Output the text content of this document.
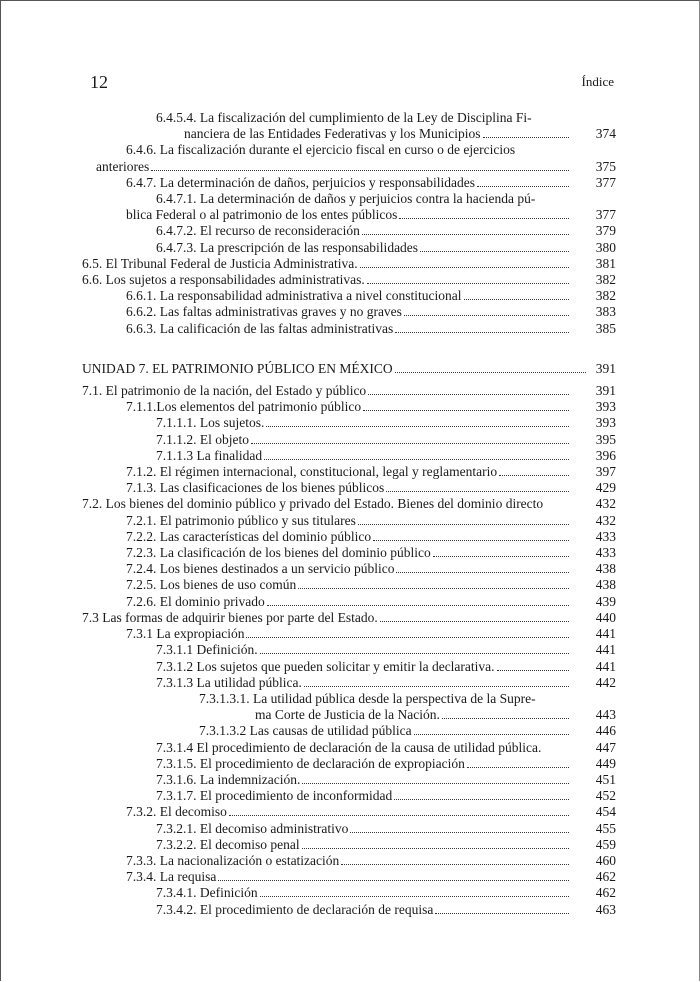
12	Índice
6.4.5.4. La fiscalización del cumplimiento de la Ley de Disciplina Fi-
nanciera de las Entidades Federativas y los Municipios	374
6.4.6. La fiscalización durante el ejercicio fiscal en curso o de ejercicios
anteriores	375
6.4.7. La determinación de daños, perjuicios y responsabilidades	377
6.4.7.1. La determinación de daños y perjuicios contra la hacienda pú-
blica Federal o al patrimonio de los entes públicos	377
6.4.7.2. El recurso de reconsideración	379
6.4.7.3. La prescripción de las responsabilidades	380
6.5. El Tribunal Federal de Justicia Administrativa.	381
6.6. Los sujetos a responsabilidades administrativas.	382
6.6.1. La responsabilidad administrativa a nivel constitucional	382
6.6.2. Las faltas administrativas graves y no graves	383
6.6.3. La calificación de las faltas administrativas	385
UNIDAD 7. EL PATRIMONIO PÚBLICO EN MÉXICO	391
7.1. El patrimonio de la nación, del Estado y público	391
7.1.1.Los elementos del patrimonio público	393
7.1.1.1. Los sujetos.	393
7.1.1.2. El objeto	395
7.1.1.3 La finalidad	396
7.1.2. El régimen internacional, constitucional, legal y reglamentario	397
7.1.3. Las clasificaciones de los bienes públicos	429
7.2. Los bienes del dominio público y privado del Estado. Bienes del dominio directo	432
7.2.1. El patrimonio público y sus titulares	432
7.2.2. Las características del dominio público	433
7.2.3. La clasificación de los bienes del dominio público	433
7.2.4. Los bienes destinados a un servicio público	438
7.2.5. Los bienes de uso común	438
7.2.6. El dominio privado	439
7.3 Las formas de adquirir bienes por parte del Estado.	440
7.3.1 La expropiación	441
7.3.1.1 Definición.	441
7.3.1.2 Los sujetos que pueden solicitar y emitir la declarativa.	441
7.3.1.3 La utilidad pública.	442
7.3.1.3.1. La utilidad pública desde la perspectiva de la Supre-
ma Corte de Justicia de la Nación.	443
7.3.1.3.2 Las causas de utilidad pública	446
7.3.1.4 El procedimiento de declaración de la causa de utilidad pública.	447
7.3.1.5. El procedimiento de declaración de expropiación	449
7.3.1.6. La indemnización.	451
7.3.1.7. El procedimiento de inconformidad	452
7.3.2. El decomiso	454
7.3.2.1. El decomiso administrativo	455
7.3.2.2. El decomiso penal	459
7.3.3. La nacionalización o estatización	460
7.3.4. La requisa	462
7.3.4.1. Definición	462
7.3.4.2. El procedimiento de declaración de requisa	463
